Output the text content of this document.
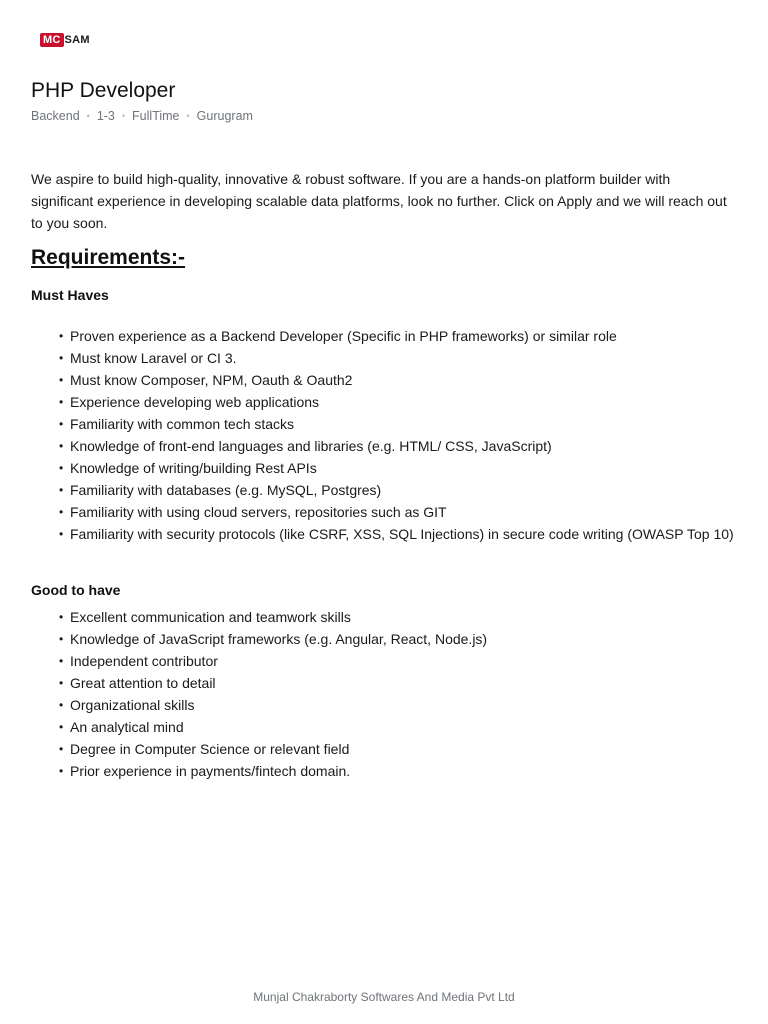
MC SAM
PHP Developer
Backend • 1-3 • FullTime • Gurugram

We aspire to build high-quality, innovative & robust software. If you are a hands-on platform builder with significant experience in developing scalable data platforms, look no further. Click on Apply and we will reach out to you soon.

Requirements:-
Must Haves
• Proven experience as a Backend Developer (Specific in PHP frameworks) or similar role
• Must know Laravel or CI 3.
• Must know Composer, NPM, Oauth & Oauth2
• Experience developing web applications
• Familiarity with common tech stacks
• Knowledge of front-end languages and libraries (e.g. HTML/ CSS, JavaScript)
• Knowledge of writing/building Rest APIs
• Familiarity with databases (e.g. MySQL, Postgres)
• Familiarity with using cloud servers, repositories such as GIT
• Familiarity with security protocols (like CSRF, XSS, SQL Injections) in secure code writing (OWASP Top 10)
Good to have
• Excellent communication and teamwork skills
• Knowledge of JavaScript frameworks (e.g. Angular, React, Node.js)
• Independent contributor
• Great attention to detail
• Organizational skills
• An analytical mind
• Degree in Computer Science or relevant field
• Prior experience in payments/fintech domain.
Munjal Chakraborty Softwares And Media Pvt Ltd
